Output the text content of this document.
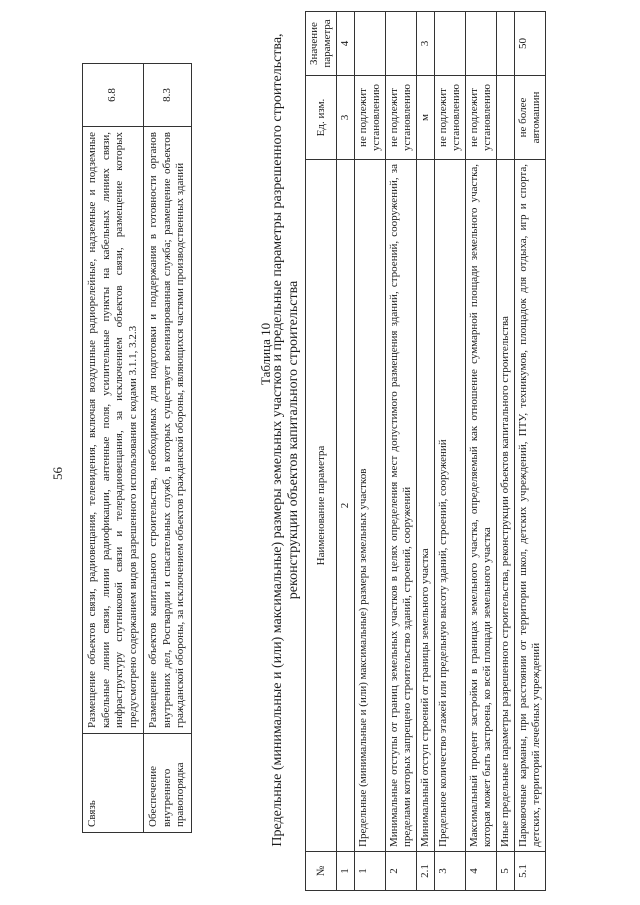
56
Связь	Размещение объектов связи, радиовещания, телевидения, включая воздушные радиорелейные, надземные и подземные кабельные линии связи, линии радиофикации, антенные поля, усилительные пункты на кабельных линиях связи, инфраструктуру спутниковой связи и телерадиовещания, за исключением объектов связи, размещение которых предусмотрено содержанием видов разрешенного использования с кодами 3.1.1, 3.2.3	6.8
Обеспечение внутреннего правопорядка	Размещение объектов капитального строительства, необходимых для подготовки и поддержания в готовности органов внутренних дел, Росгвардии и спасательных служб, в которых существует военизированная служба; размещение объектов гражданской обороны, за исключением объектов гражданской обороны, являющихся частями производственных зданий	8.3
Таблица 10
Предельные (минимальные и (или) максимальные) размеры земельных участков и предельные параметры разрешенного строительства, реконструкции объектов капитального строительства
№	Наименование параметра	Ед. изм.	Значение параметра
1	2	3	4
1	Предельные (минимальные и (или) максимальные) размеры земельных участков	не подлежит установлению	
2	Минимальные отступы от границ земельных участков в целях определения мест допустимого размещения зданий, строений, сооружений, за пределами которых запрещено строительство зданий, строений, сооружений	не подлежит установлению	
2.1	Минимальный отступ строений от границы земельного участка	м	3
3	Предельное количество этажей или предельную высоту зданий, строений, сооружений	не подлежит установлению	
4	Максимальный процент застройки в границах земельного участка, определяемый как отношение суммарной площади земельного участка, которая может быть застроена, ко всей площади земельного участка	не подлежит установлению	
5	Иные предельные параметры разрешенного строительства, реконструкции объектов капитального строительства		
5.1	Парковочные карманы, при расстоянии от территории школ, детских учреждений, ПТУ, техникумов, площадок для отдыха, игр и спорта, детских, территорий лечебных учреждений	не более автомашин	50
